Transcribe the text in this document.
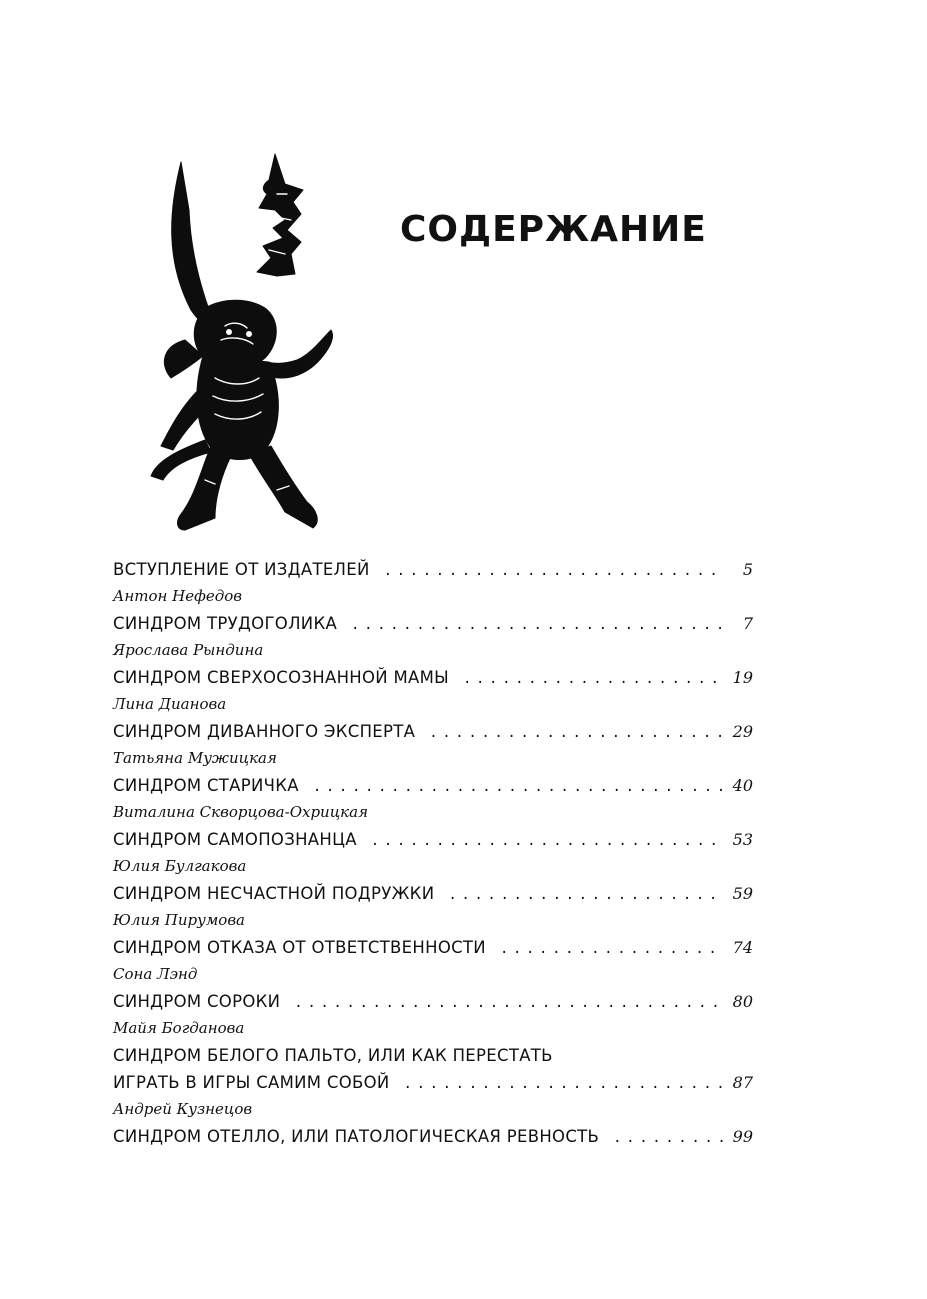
СОДЕРЖАНИЕ
ВСТУПЛЕНИЕ ОТ ИЗДАТЕЛЕЙ .....	5
Антон Нефедов
СИНДРОМ ТРУДОГОЛИКА .....	7
Ярослава Рындина
СИНДРОМ СВЕРХОСОЗНАННОЙ МАМЫ .....	19
Лина Дианова
СИНДРОМ ДИВАННОГО ЭКСПЕРТА .....	29
Татьяна Мужицкая
СИНДРОМ СТАРИЧКА .....	40
Виталина Скворцова-Охрицкая
СИНДРОМ САМОПОЗНАНЦА .....	53
Юлия Булгакова
СИНДРОМ НЕСЧАСТНОЙ ПОДРУЖКИ .....	59
Юлия Пирумова
СИНДРОМ ОТКАЗА ОТ ОТВЕТСТВЕННОСТИ .....	74
Сона Лэнд
СИНДРОМ СОРОКИ .....	80
Майя Богданова
СИНДРОМ БЕЛОГО ПАЛЬТО, ИЛИ КАК ПЕРЕСТАТЬ
ИГРАТЬ В ИГРЫ САМИМ СОБОЙ .....	87
Андрей Кузнецов
СИНДРОМ ОТЕЛЛО, ИЛИ ПАТОЛОГИЧЕСКАЯ РЕВНОСТЬ .....	99
